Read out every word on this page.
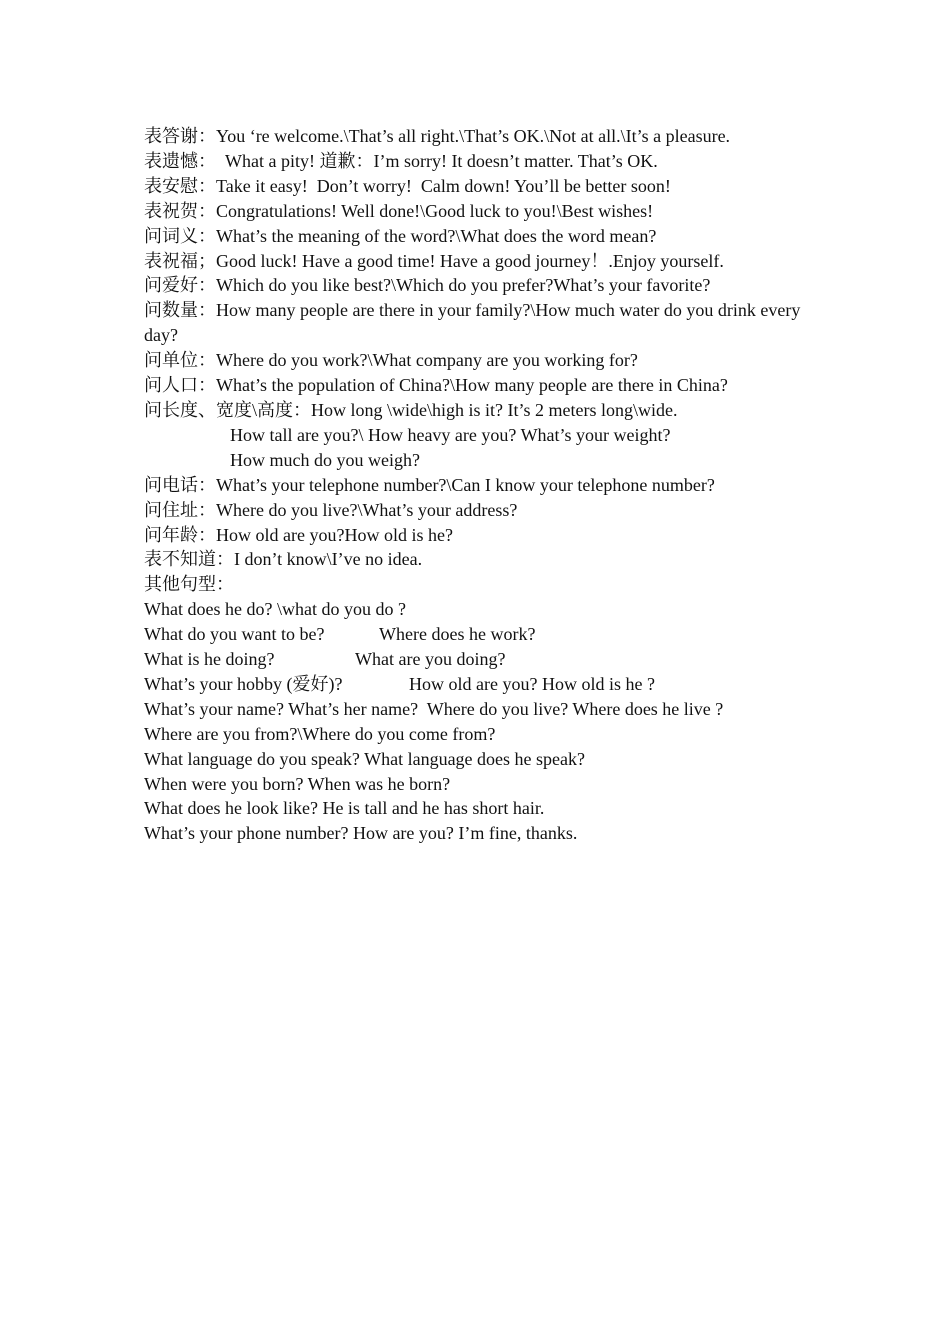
表答谢：You ‘re welcome.\That’s all right.\That’s OK.\Not at all.\It’s a pleasure.

表遗憾：  What a pity! 道歉：I’m sorry! It doesn’t matter. That’s OK.

表安慰：Take it easy!  Don’t worry!  Calm down! You’ll be better soon!

表祝贺：Congratulations! Well done!\Good luck to you!\Best wishes!

问词义：What’s the meaning of the word?\What does the word mean?

表祝福；Good luck! Have a good time! Have a good journey！.Enjoy yourself.

问爱好：Which do you like best?\Which do you prefer?What’s your favorite?

问数量：How many people are there in your family?\How much water do you drink every day?

问单位：Where do you work?\What company are you working for?

问人口：What’s the population of China?\How many people are there in China?

问长度、宽度\高度：How long \wide\high is it? It’s 2 meters long\wide.

How tall are you?\ How heavy are you? What’s your weight?

How much do you weigh?

问电话：What’s your telephone number?\Can I know your telephone number?

问住址：Where do you live?\What’s your address?

问年龄：How old are you?How old is he?

表不知道：I don’t know\I’ve no idea.

其他句型：

What does he do? \what do you do ?
What do you want to be?	Where does he work?
What is he doing?	What are you doing?
What’s your hobby (爱好)?	How old are you? How old is he ?

What’s your name? What’s her name?  Where do you live? Where does he live ?

Where are you from?\Where do you come from?

What language do you speak? What language does he speak?

When were you born? When was he born?

What does he look like? He is tall and he has short hair.

What’s your phone number? How are you? I’m fine, thanks.
